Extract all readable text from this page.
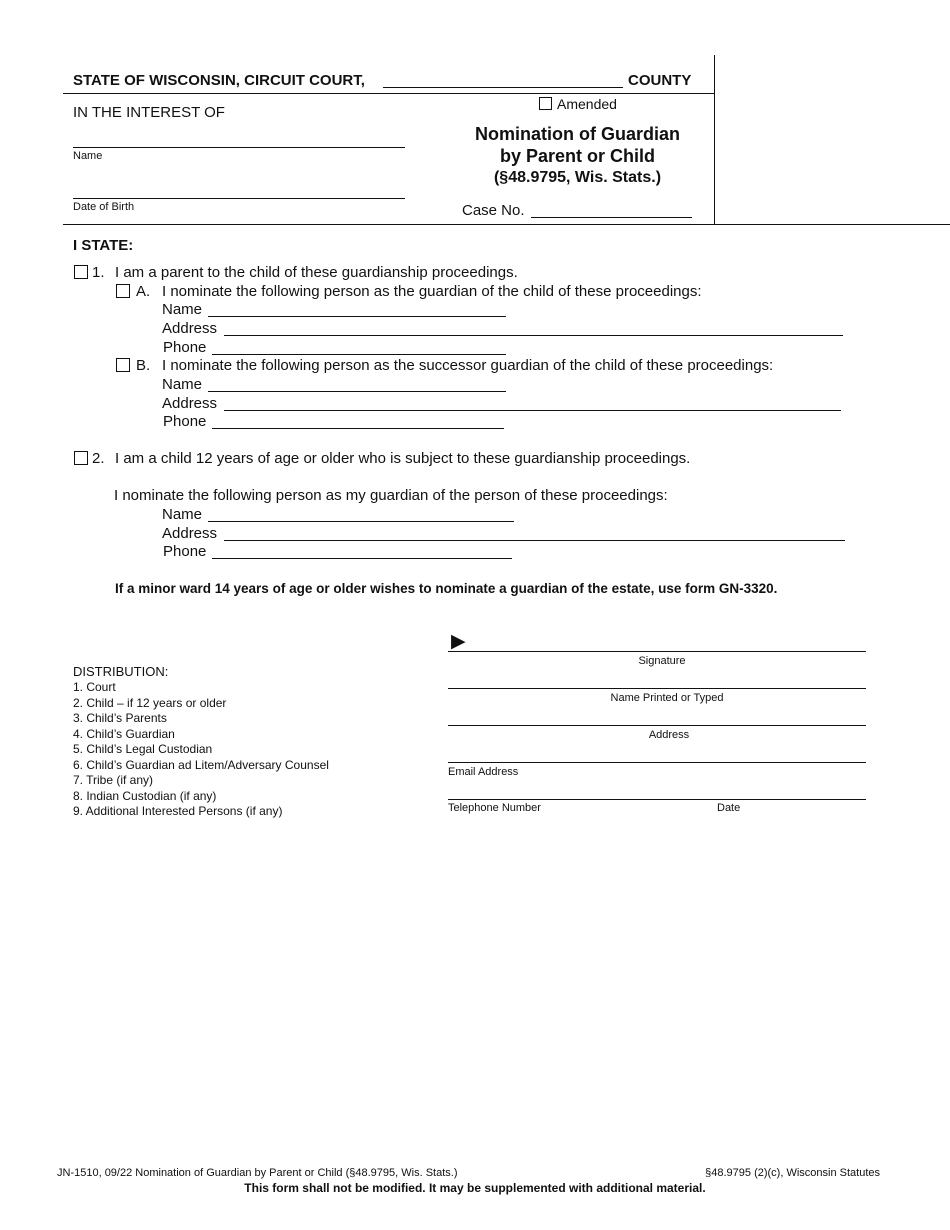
STATE OF WISCONSIN, CIRCUIT COURT,	COUNTY
IN THE INTEREST OF
Name
Date of Birth
Amended
Nomination of Guardian
by Parent or Child
(§48.9795, Wis. Stats.)
Case No.
I STATE:
1. I am a parent to the child of these guardianship proceedings.
A. I nominate the following person as the guardian of the child of these proceedings:
Name
Address
Phone
B. I nominate the following person as the successor guardian of the child of these proceedings:
Name
Address
Phone
2. I am a child 12 years of age or older who is subject to these guardianship proceedings.
I nominate the following person as my guardian of the person of these proceedings:
Name
Address
Phone
If a minor ward 14 years of age or older wishes to nominate a guardian of the estate, use form GN-3320.
DISTRIBUTION:
1. Court
2. Child – if 12 years or older
3. Child’s Parents
4. Child’s Guardian
5. Child’s Legal Custodian
6. Child’s Guardian ad Litem/Adversary Counsel
7. Tribe (if any)
8. Indian Custodian (if any)
9. Additional Interested Persons (if any)
▶
Signature
Name Printed or Typed
Address
Email Address
Telephone Number	Date
JN-1510, 09/22 Nomination of Guardian by Parent or Child (§48.9795, Wis. Stats.)	§48.9795 (2)(c), Wisconsin Statutes
This form shall not be modified. It may be supplemented with additional material.
